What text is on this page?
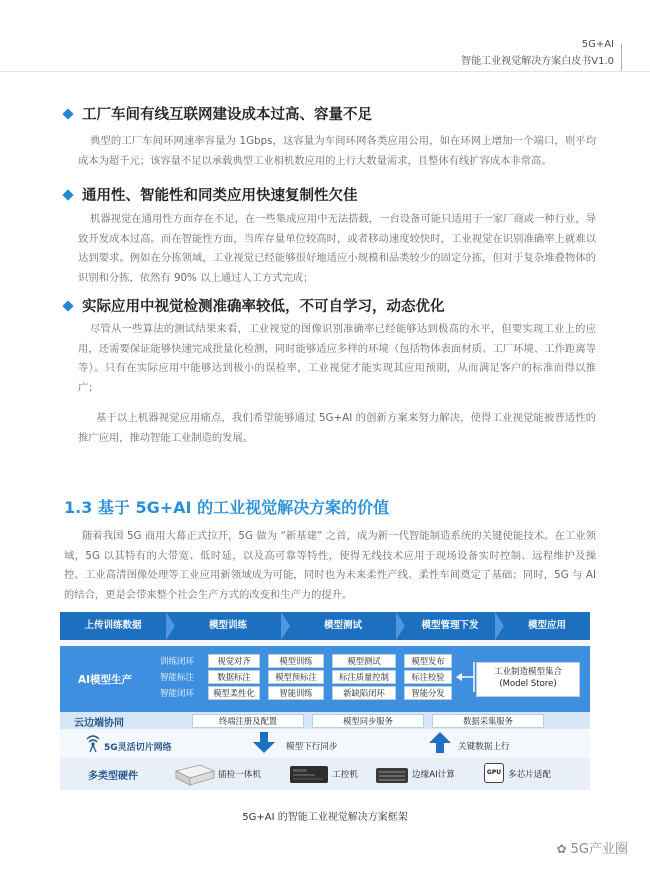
5G+AI
智能工业视觉解决方案白皮书V1.0
工厂车间有线互联网建设成本过高、容量不足

典型的工厂车间环网速率容量为 1Gbps，这容量为车间环网各类应用公用，如在环网上增加一个端口，则平均成本为超千元；该容量不足以承载典型工业相机数应用的上行大数量需求，且整体有线扩容成本非常高。

通用性、智能性和同类应用快速复制性欠佳

机器视觉在通用性方面存在不足，在一些集成应用中无法搭载，一台设备可能只适用于一家厂商或一种行业，导致开发成本过高。而在智能性方面，当库存量单位较高时，或者移动速度较快时，工业视觉在识别准确率上就难以达到要求。例如在分拣领域，工业视觉已经能够很好地适应小规模和品类较少的固定分拣，但对于复杂堆叠物体的识别和分拣，依然有 90% 以上通过人工方式完成；

实际应用中视觉检测准确率较低，不可自学习，动态优化

尽管从一些算法的测试结果来看，工业视觉的图像识别准确率已经能够达到极高的水平，但要实现工业上的应用，还需要保证能够快速完成批量化检测，同时能够适应多样的环境（包括物体表面材质、工厂环境、工作距离等等）。只有在实际应用中能够达到极小的误检率，工业视觉才能实现其应用预期，从而满足客户的标准而得以推广；

基于以上机器视觉应用痛点，我们希望能够通过 5G+AI 的创新方案来努力解决，使得工业视觉能被普适性的推广应用，推动智能工业制造的发展。

1.3 基于 5G+AI 的工业视觉解决方案的价值

随着我国 5G 商用大幕正式拉开，5G 做为 “新基建” 之首，成为新一代智能制造系统的关键使能技术。在工业领域，5G 以其特有的大带宽、低时延，以及高可靠等特性，使得无线技术应用于现场设备实时控制、远程维护及操控、工业高清图像处理等工业应用新领域成为可能，同时也为未来柔性产线、柔性车间奠定了基础；同时，5G 与 AI 的结合，更是会带来整个社会生产方式的改变和生产力的提升。

上传训练数据	模型训练	模型测试	模型管理下发	模型应用
AI模型生产
训练闭环
智能标注
智能闭环
视觉对齐	模型训练	模型测试	模型发布
数据标注	模型预标注	标注质量控制	标注校验
模型柔性化	智能训练	新缺陷闭环	智能分发
工业制造模型集合
(Model Store)
云边端协同	终端注册及配置	模型同步服务	数据采集服务
5G灵活切片网络	模型下行同步	关键数据上行
多类型硬件	插检一体机	工控机	边缘AI计算	GPU 多芯片适配
5G+AI 的智能工业视觉解决方案框架
✿ 5G产业圈
